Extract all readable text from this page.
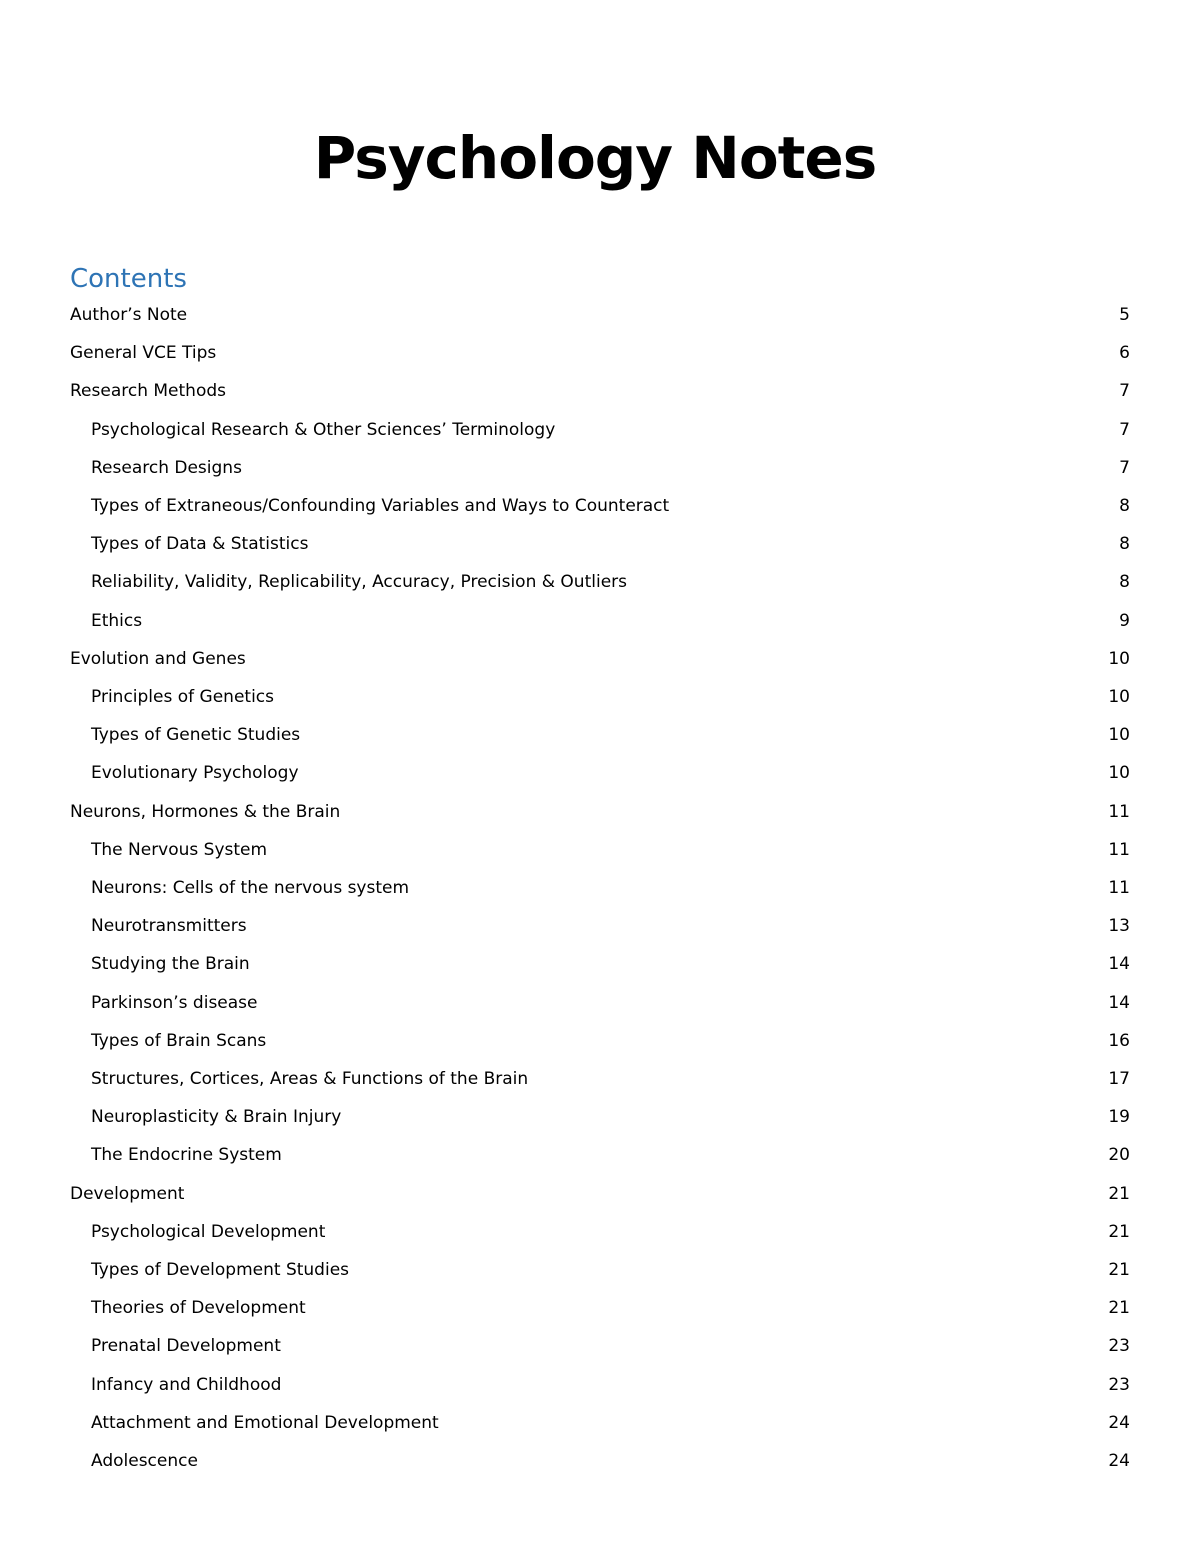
Psychology Notes
Contents
Author’s Note	5
General VCE Tips	6
Research Methods	7
Psychological Research & Other Sciences’ Terminology	7
Research Designs	7
Types of Extraneous/Confounding Variables and Ways to Counteract	8
Types of Data & Statistics	8
Reliability, Validity, Replicability, Accuracy, Precision & Outliers	8
Ethics	9
Evolution and Genes	10
Principles of Genetics	10
Types of Genetic Studies	10
Evolutionary Psychology	10
Neurons, Hormones & the Brain	11
The Nervous System	11
Neurons: Cells of the nervous system	11
Neurotransmitters	13
Studying the Brain	14
Parkinson’s disease	14
Types of Brain Scans	16
Structures, Cortices, Areas & Functions of the Brain	17
Neuroplasticity & Brain Injury	19
The Endocrine System	20
Development	21
Psychological Development	21
Types of Development Studies	21
Theories of Development	21
Prenatal Development	23
Infancy and Childhood	23
Attachment and Emotional Development	24
Adolescence	24
